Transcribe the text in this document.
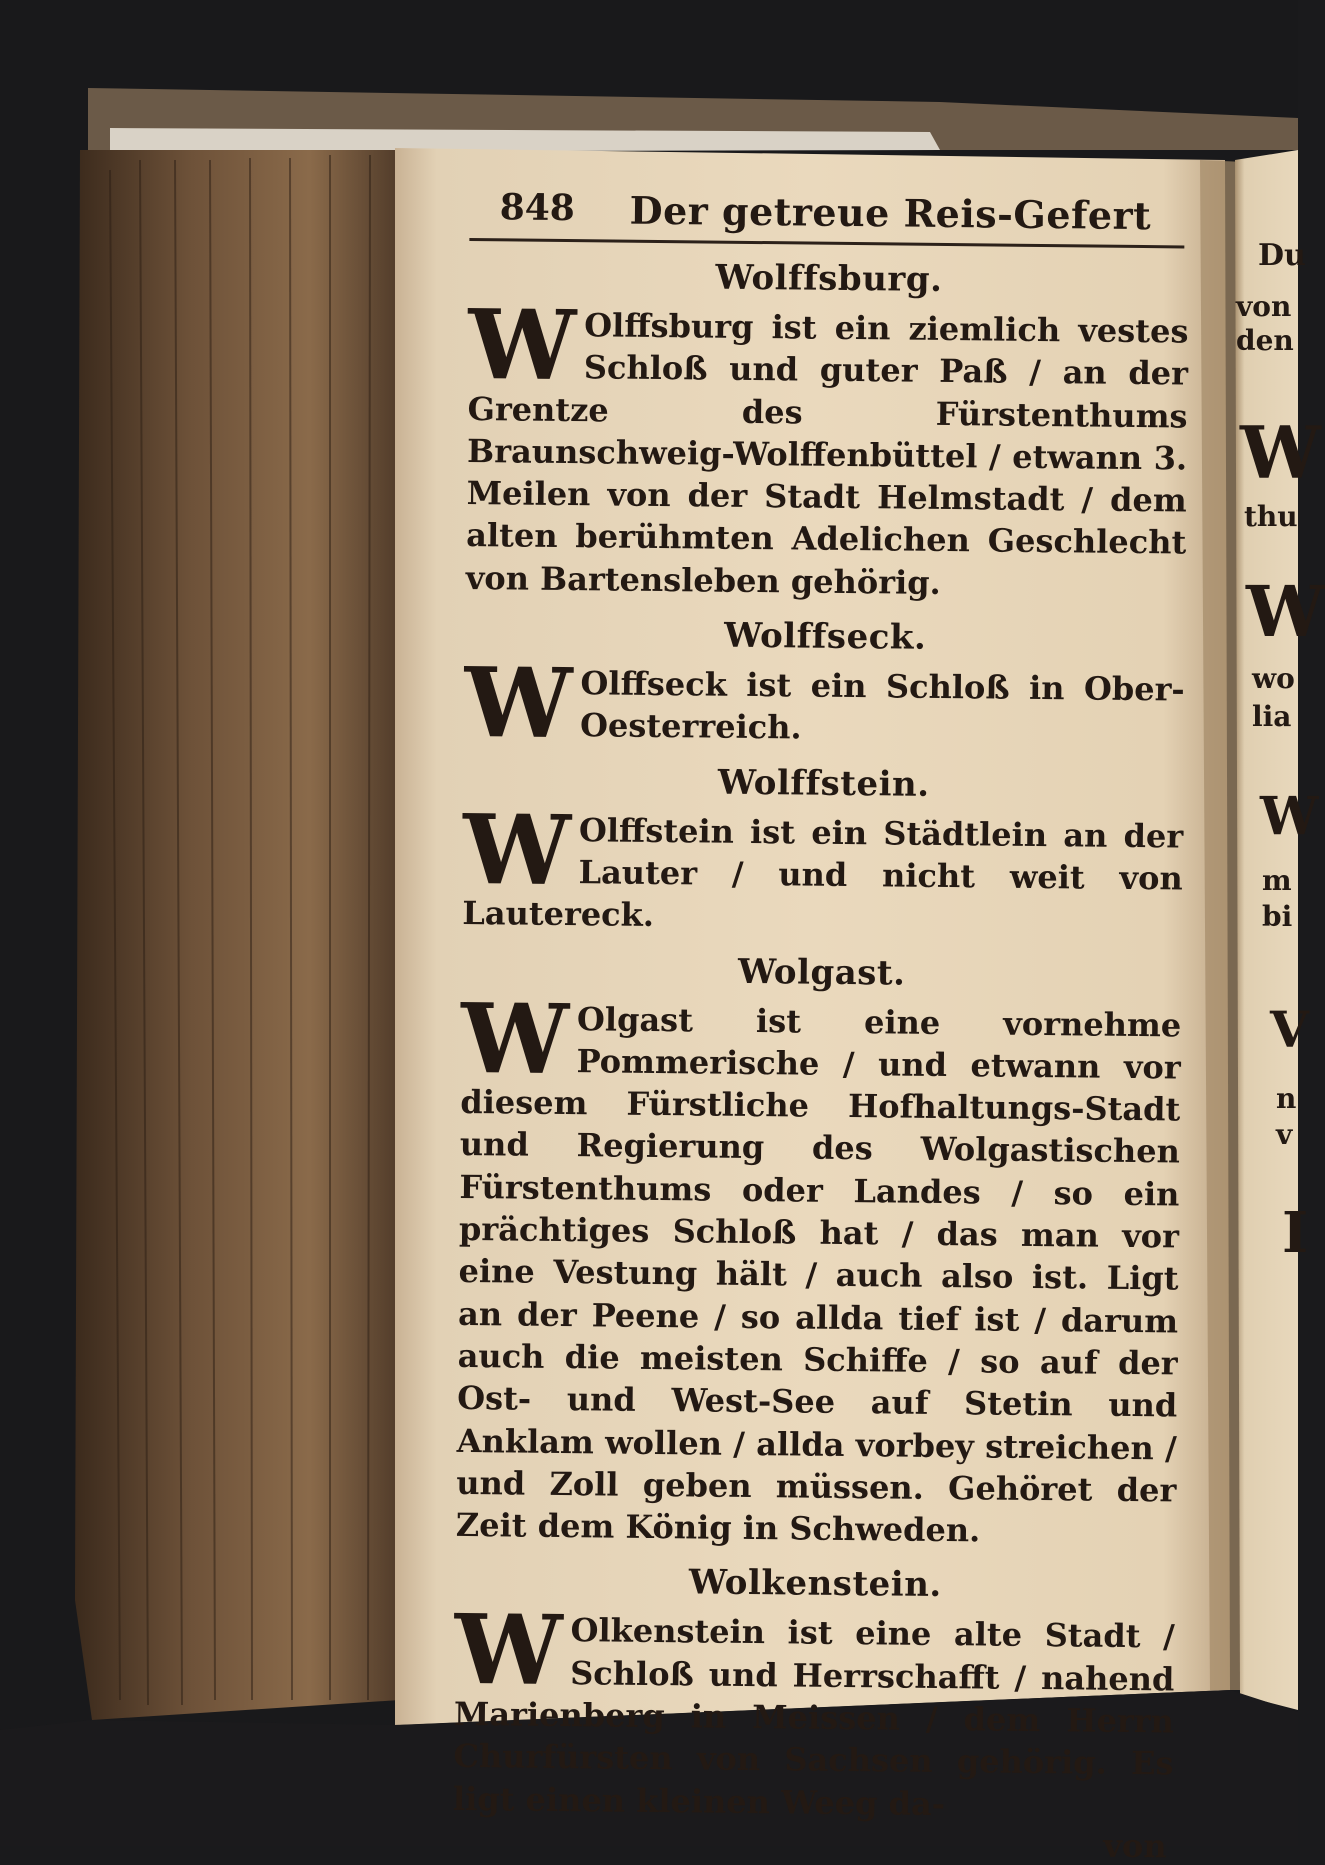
848 Der getreue Reis-Gefert
Wolffsburg.
W Olffsburg ist ein ziemlich vestes Schloß und guter Paß / an der Grentze des Fürstenthums Braunschweig-Wolffenbüttel / etwann 3. Meilen von der Stadt Helmstadt / dem alten berühmten Adelichen Geschlecht von Bartensleben gehörig.
Wolffseck.
W Olffseck ist ein Schloß in Ober-Oesterreich.
Wolffstein.
W Olffstein ist ein Städtlein an der Lauter / und nicht weit von Lautereck.
Wolgast.
W Olgast ist eine vornehme Pommerische / und etwann vor diesem Fürstliche Hofhaltungs-Stadt und Regierung des Wolgastischen Fürstenthums oder Landes / so ein prächtiges Schloß hat / das man vor eine Vestung hält / auch also ist. Ligt an der Peene / so allda tief ist / darum auch die meisten Schiffe / so auf der Ost- und West-See auf Stetin und Anklam wollen / allda vorbey streichen / und Zoll geben müssen. Gehöret der Zeit dem König in Schweden.
Wolkenstein.
W Olkenstein ist eine alte Stadt / Schloß und Herrschafft / nahend Marienberg in Meissen / dem Herrn Churfürsten von Sachsen gehörig. Es ligt einen kleinen Weeg da-
von
Du
von
den
W
thu
W
wo
lia
W
m
bi
V
n
v
I
